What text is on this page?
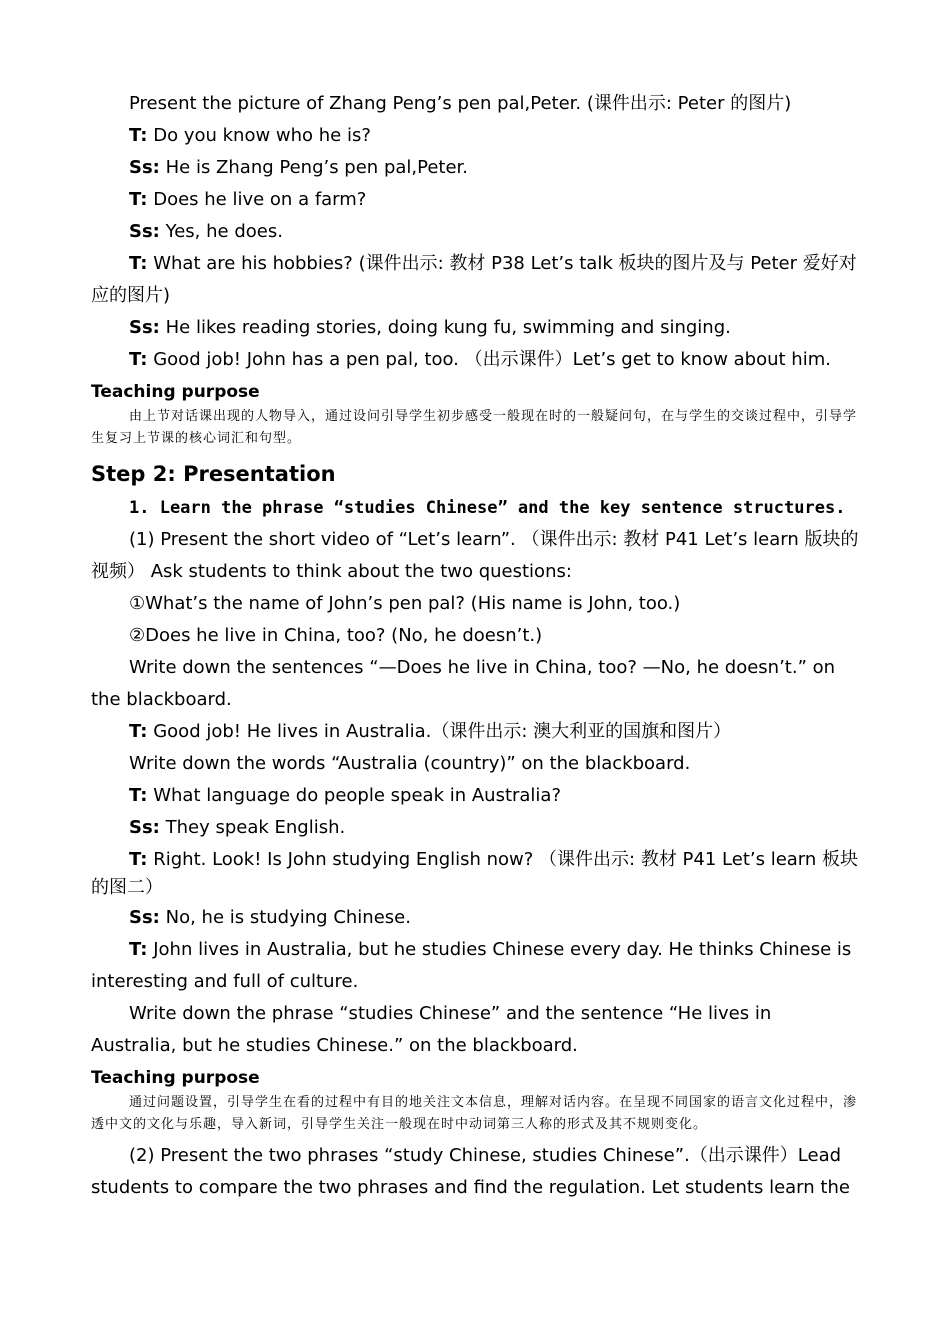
Present the picture of Zhang Peng’s pen pal,Peter. (课件出示: Peter 的图片)

T: Do you know who he is?

Ss: He is Zhang Peng’s pen pal,Peter.

T: Does he live on a farm?

Ss: Yes, he does.

T: What are his hobbies? (课件出示: 教材 P38 Let’s talk 板块的图片及与 Peter 爱好对应的图片)

Ss: He likes reading stories, doing kung fu, swimming and singing.

T: Good job! John has a pen pal, too. （出示课件）Let’s get to know about him.

Teaching purpose

由上节对话课出现的人物导入，通过设问引导学生初步感受一般现在时的一般疑问句，在与学生的交谈过程中，引导学生复习上节课的核心词汇和句型。

Step 2: Presentation

1. Learn the phrase “studies Chinese” and the key sentence structures.

(1) Present the short video of “Let’s learn”. （课件出示: 教材 P41 Let’s learn 版块的视频） Ask students to think about the two questions:

①What’s the name of John’s pen pal? (His name is John, too.)

②Does he live in China, too? (No, he doesn’t.)

Write down the sentences “—Does he live in China, too? —No, he doesn’t.” on the blackboard.

T: Good job! He lives in Australia.（课件出示: 澳大利亚的国旗和图片）

Write down the words “Australia (country)” on the blackboard.

T: What language do people speak in Australia?

Ss: They speak English.

T: Right. Look! Is John studying English now? （课件出示: 教材 P41 Let’s learn 板块的图二）

Ss: No, he is studying Chinese.

T: John lives in Australia, but he studies Chinese every day. He thinks Chinese is interesting and full of culture.

Write down the phrase “studies Chinese” and the sentence “He lives in Australia, but he studies Chinese.” on the blackboard.

Teaching purpose

通过问题设置，引导学生在看的过程中有目的地关注文本信息，理解对话内容。在呈现不同国家的语言文化过程中，渗透中文的文化与乐趣，导入新词，引导学生关注一般现在时中动词第三人称的形式及其不规则变化。

(2) Present the two phrases “study Chinese, studies Chinese”.（出示课件）Lead students to compare the two phrases and find the regulation. Let students learn the
